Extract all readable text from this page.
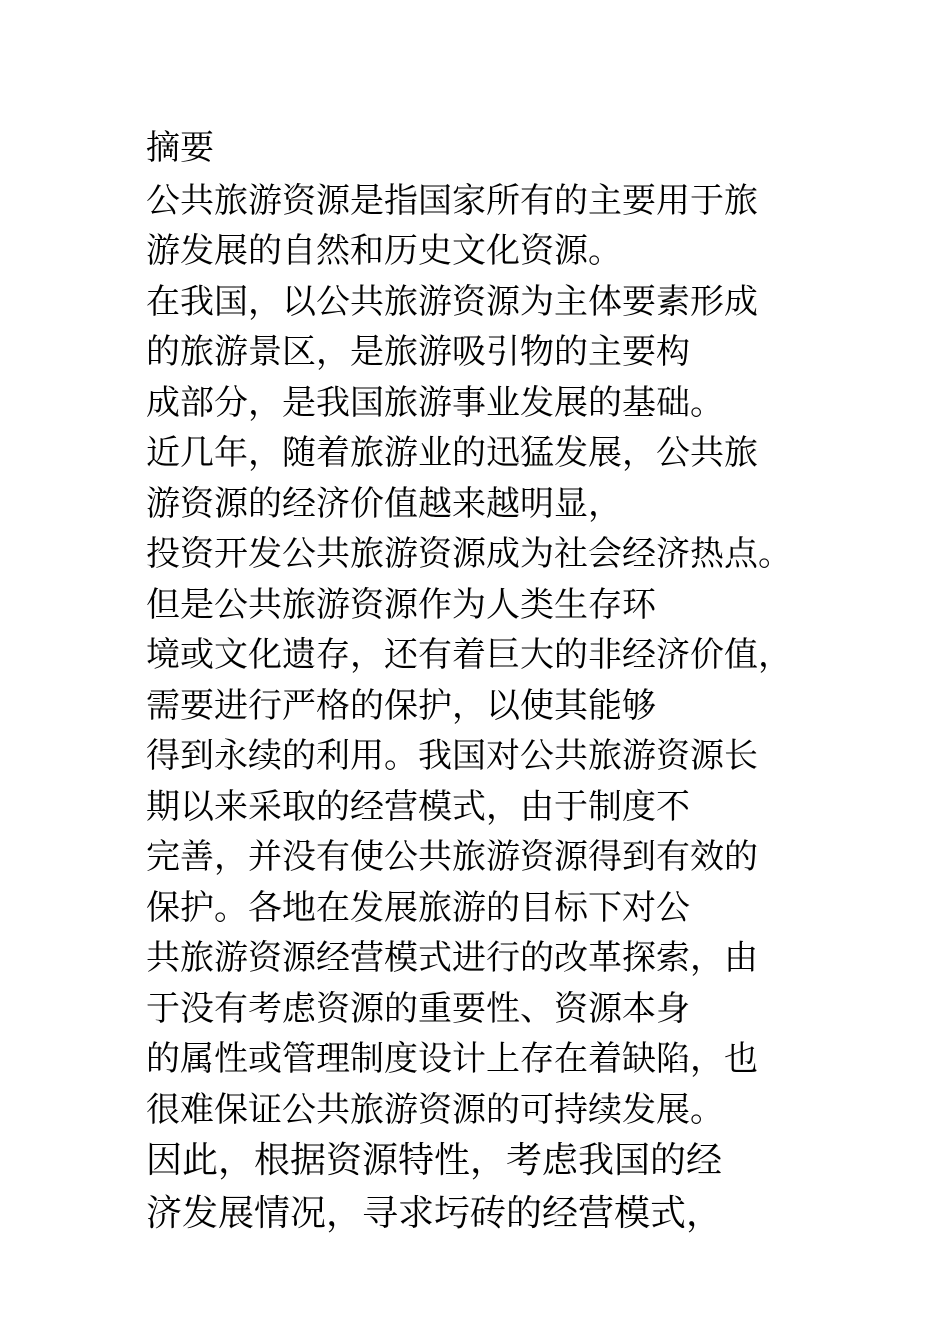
摘要
公共旅游资源是指国家所有的主要用于旅
游发展的自然和历史文化资源。
在我国，以公共旅游资源为主体要素形成
的旅游景区，是旅游吸引物的主要构
成部分，是我国旅游事业发展的基础。
近几年，随着旅游业的迅猛发展，公共旅
游资源的经济价值越来越明显，
投资开发公共旅游资源成为社会经济热点。
但是公共旅游资源作为人类生存环
境或文化遗存，还有着巨大的非经济价值，
需要进行严格的保护，以使其能够
得到永续的利用。我国对公共旅游资源长
期以来采取的经营模式，由于制度不
完善，并没有使公共旅游资源得到有效的
保护。各地在发展旅游的目标下对公
共旅游资源经营模式进行的改革探索，由
于没有考虑资源的重要性、资源本身
的属性或管理制度设计上存在着缺陷，也
很难保证公共旅游资源的可持续发展。
因此，根据资源特性，考虑我国的经
济发展情况，寻求圬砖的经营模式，
